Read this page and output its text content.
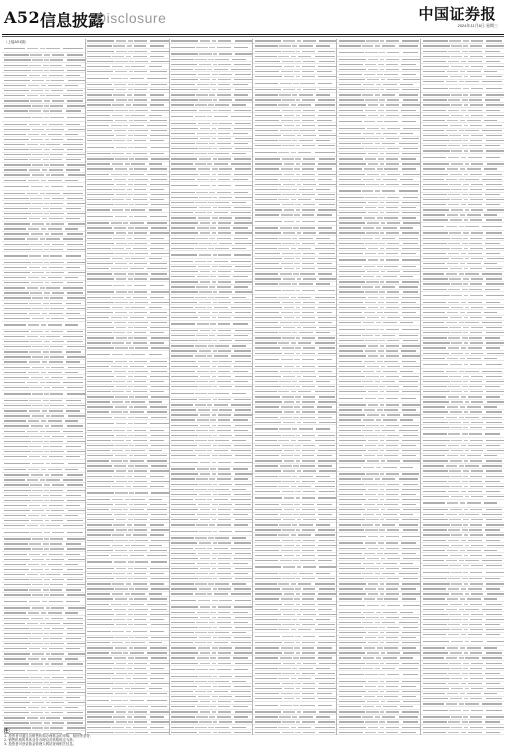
A52 信息披露
Disclosure	中国证券报
2024年11月6日 星期三
（上接A51版）
注：
1. 投资者可通过各销售机构办理基金的申购、赎回等业务；
2. 销售机构的具体业务办理以各机构规定为准；
3. 投资者可登录基金管理人网站查询相关信息。
